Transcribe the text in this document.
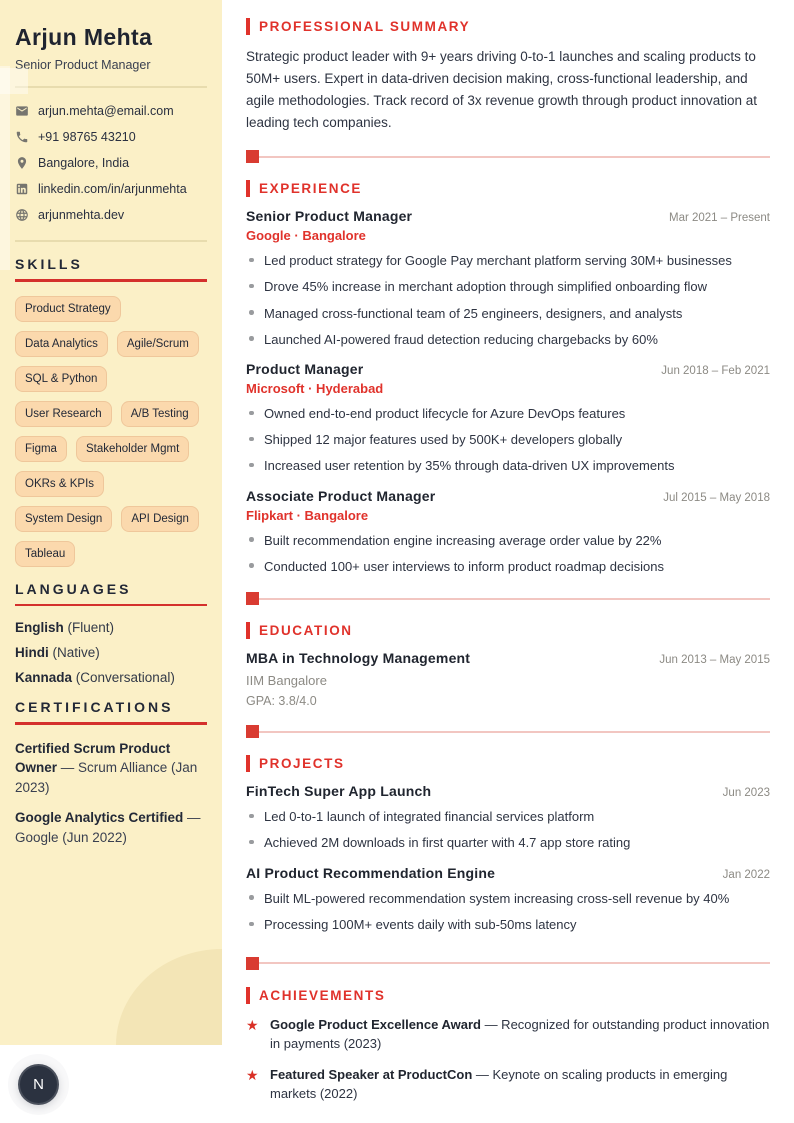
Arjun Mehta
Senior Product Manager
arjun.mehta@email.com
+91 98765 43210
Bangalore, India
linkedin.com/in/arjunmehta
arjunmehta.dev
SKILLS
Product Strategy
Data Analytics	Agile/Scrum
SQL & Python
User Research	A/B Testing
Figma	Stakeholder Mgmt
OKRs & KPIs
System Design	API Design
Tableau
LANGUAGES
English (Fluent)
Hindi (Native)
Kannada (Conversational)
CERTIFICATIONS
Certified Scrum Product Owner — Scrum Alliance (Jan 2023)
Google Analytics Certified — Google (Jun 2022)
PROFESSIONAL SUMMARY

Strategic product leader with 9+ years driving 0-to-1 launches and scaling products to 50M+ users. Expert in data-driven decision making, cross-functional leadership, and agile methodologies. Track record of 3x revenue growth through product innovation at leading tech companies.

EXPERIENCE
Senior Product Manager	Mar 2021 – Present
Google · Bangalore
Led product strategy for Google Pay merchant platform serving 30M+ businesses
Drove 45% increase in merchant adoption through simplified onboarding flow
Managed cross-functional team of 25 engineers, designers, and analysts
Launched AI-powered fraud detection reducing chargebacks by 60%
Product Manager	Jun 2018 – Feb 2021
Microsoft · Hyderabad
Owned end-to-end product lifecycle for Azure DevOps features
Shipped 12 major features used by 500K+ developers globally
Increased user retention by 35% through data-driven UX improvements
Associate Product Manager	Jul 2015 – May 2018
Flipkart · Bangalore
Built recommendation engine increasing average order value by 22%
Conducted 100+ user interviews to inform product roadmap decisions
EDUCATION
MBA in Technology Management	Jun 2013 – May 2015
IIM Bangalore
GPA: 3.8/4.0
PROJECTS
FinTech Super App Launch	Jun 2023
Led 0-to-1 launch of integrated financial services platform
Achieved 2M downloads in first quarter with 4.7 app store rating
AI Product Recommendation Engine	Jan 2022
Built ML-powered recommendation system increasing cross-sell revenue by 40%
Processing 100M+ events daily with sub-50ms latency
ACHIEVEMENTS
★ Google Product Excellence Award — Recognized for outstanding product innovation in payments (2023)
★ Featured Speaker at ProductCon — Keynote on scaling products in emerging markets (2022)
N
